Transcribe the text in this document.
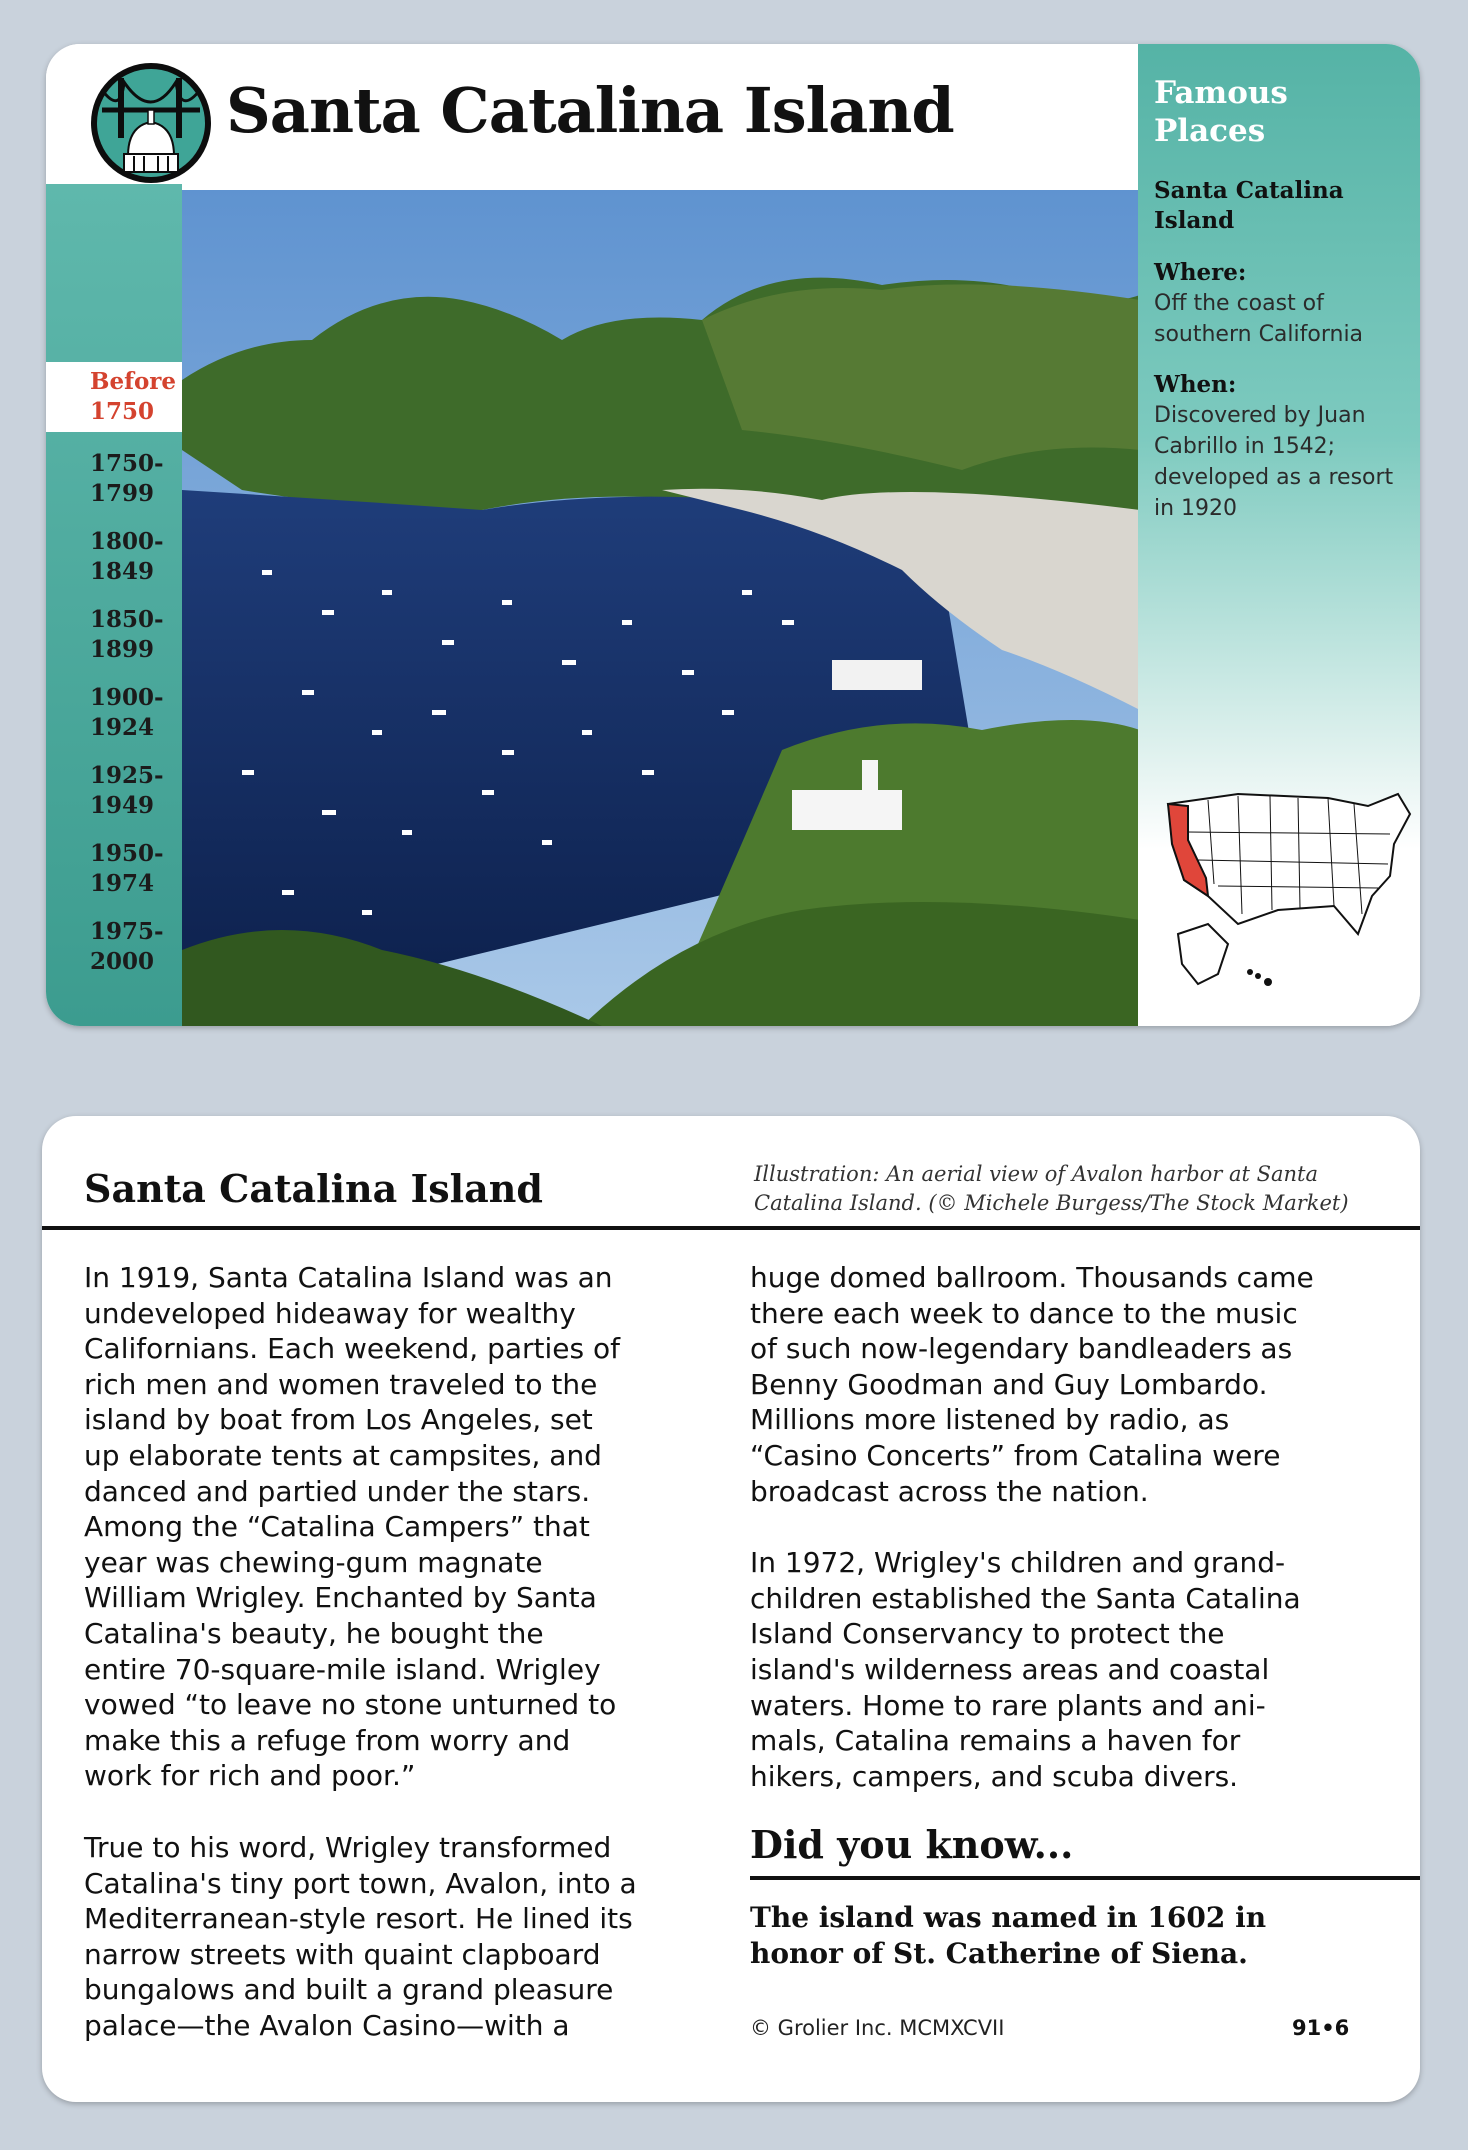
Santa Catalina Island
Before
1750
1750-
1799
1800-
1849
1850-
1899
1900-
1924
1925-
1949
1950-
1974
1975-
2000
Famous
Places
Santa Catalina
Island
Where:
Off the coast of
southern California
When:
Discovered by Juan
Cabrillo in 1542;
developed as a resort
in 1920
Santa Catalina Island	Illustration: An aerial view of Avalon harbor at Santa
Catalina Island. (© Michele Burgess/The Stock Market)

In 1919, Santa Catalina Island was an
undeveloped hideaway for wealthy
Californians. Each weekend, parties of
rich men and women traveled to the
island by boat from Los Angeles, set
up elaborate tents at campsites, and
danced and partied under the stars.
Among the “Catalina Campers” that
year was chewing-gum magnate
William Wrigley. Enchanted by Santa
Catalina's beauty, he bought the
entire 70-square-mile island. Wrigley
vowed “to leave no stone unturned to
make this a refuge from worry and
work for rich and poor.”

True to his word, Wrigley transformed
Catalina's tiny port town, Avalon, into a
Mediterranean-style resort. He lined its
narrow streets with quaint clapboard
bungalows and built a grand pleasure
palace—the Avalon Casino—with a

huge domed ballroom. Thousands came
there each week to dance to the music
of such now-legendary bandleaders as
Benny Goodman and Guy Lombardo.
Millions more listened by radio, as
“Casino Concerts” from Catalina were
broadcast across the nation.

In 1972, Wrigley's children and grand-
children established the Santa Catalina
Island Conservancy to protect the
island's wilderness areas and coastal
waters. Home to rare plants and ani-
mals, Catalina remains a haven for
hikers, campers, and scuba divers.

Did you know...
The island was named in 1602 in
honor of St. Catherine of Siena.
© Grolier Inc. MCMXCVII	91•6
